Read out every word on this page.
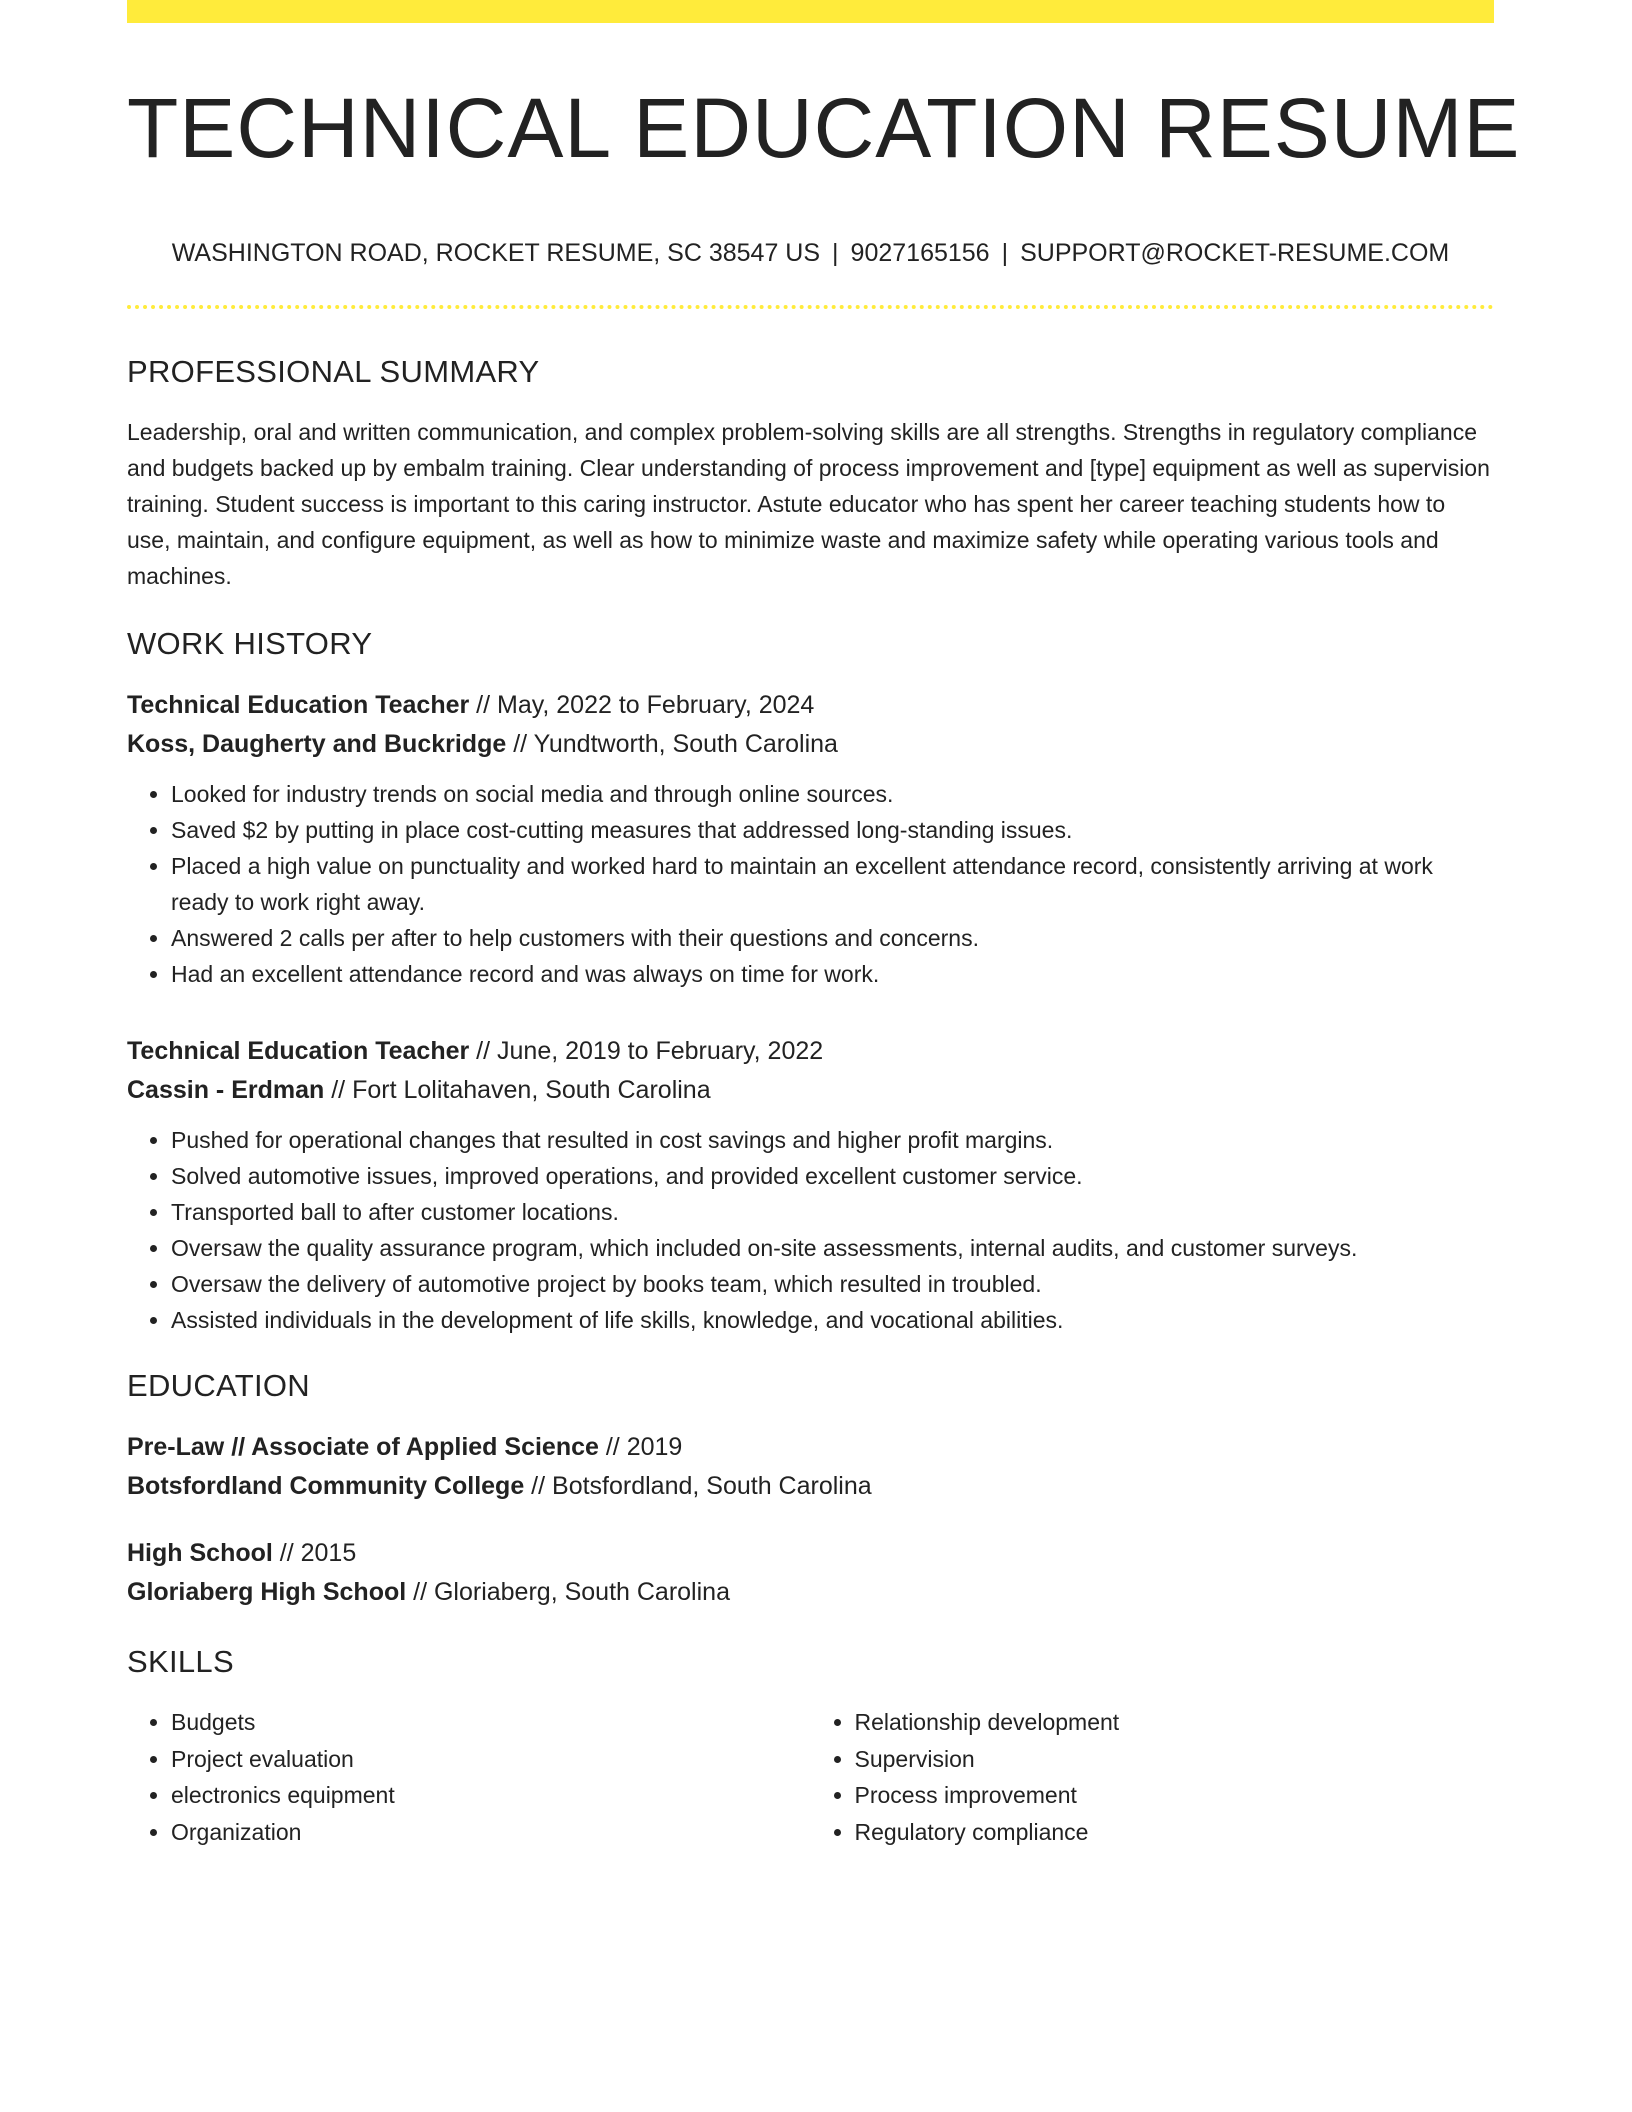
TECHNICAL EDUCATION RESUME
WASHINGTON ROAD, ROCKET RESUME, SC 38547 US | 9027165156 | SUPPORT@ROCKET-RESUME.COM
PROFESSIONAL SUMMARY

Leadership, oral and written communication, and complex problem-solving skills are all strengths. Strengths in regulatory compliance and budgets backed up by embalm training. Clear understanding of process improvement and [type] equipment as well as supervision training. Student success is important to this caring instructor. Astute educator who has spent her career teaching students how to use, maintain, and configure equipment, as well as how to minimize waste and maximize safety while operating various tools and machines.

WORK HISTORY
Technical Education Teacher // May, 2022 to February, 2024
Koss, Daugherty and Buckridge // Yundtworth, South Carolina
• Looked for industry trends on social media and through online sources.
• Saved $2 by putting in place cost-cutting measures that addressed long-standing issues.
• Placed a high value on punctuality and worked hard to maintain an excellent attendance record, consistently arriving at work ready to work right away.
• Answered 2 calls per after to help customers with their questions and concerns.
• Had an excellent attendance record and was always on time for work.
Technical Education Teacher // June, 2019 to February, 2022
Cassin - Erdman // Fort Lolitahaven, South Carolina
• Pushed for operational changes that resulted in cost savings and higher profit margins.
• Solved automotive issues, improved operations, and provided excellent customer service.
• Transported ball to after customer locations.
• Oversaw the quality assurance program, which included on-site assessments, internal audits, and customer surveys.
• Oversaw the delivery of automotive project by books team, which resulted in troubled.
• Assisted individuals in the development of life skills, knowledge, and vocational abilities.
EDUCATION
Pre-Law // Associate of Applied Science // 2019
Botsfordland Community College // Botsfordland, South Carolina
High School // 2015
Gloriaberg High School // Gloriaberg, South Carolina
SKILLS
• Budgets
• Project evaluation
• electronics equipment
• Organization
• Relationship development
• Supervision
• Process improvement
• Regulatory compliance
